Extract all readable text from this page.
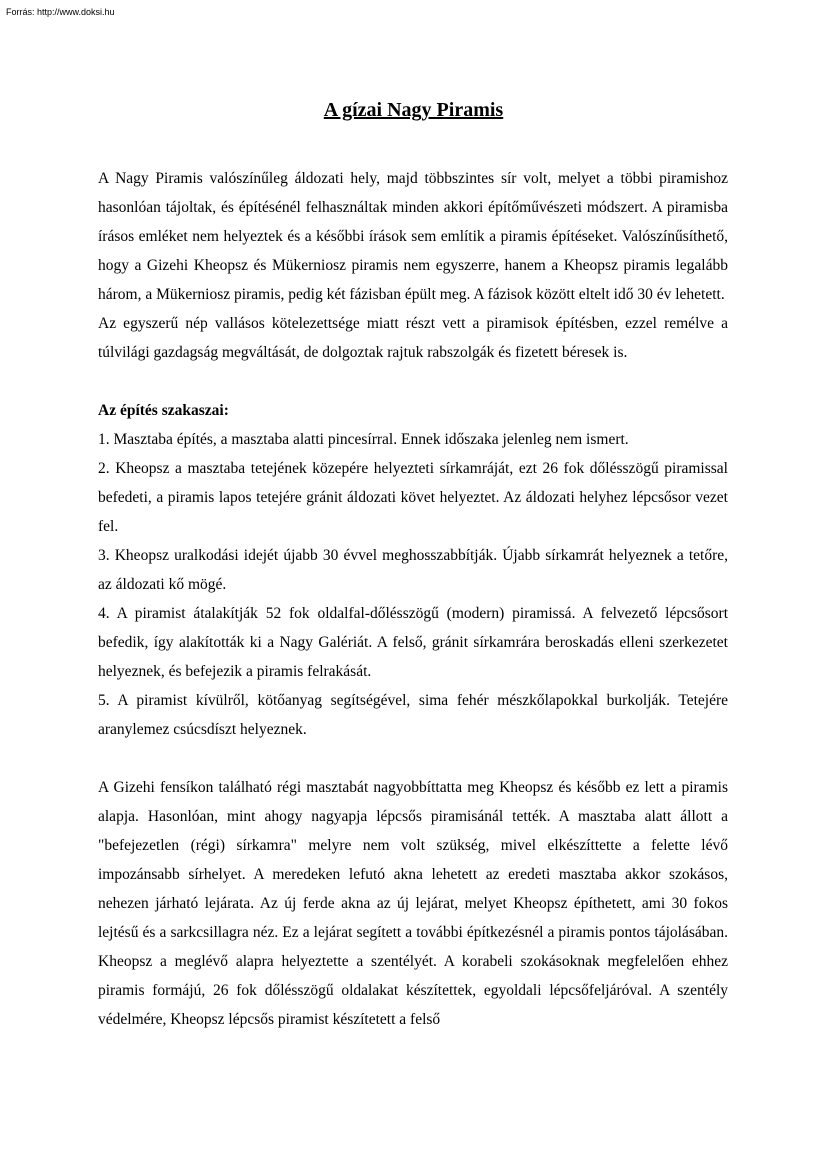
Forrás: http://www.doksi.hu
A gízai Nagy Piramis

A Nagy Piramis valószínűleg áldozati hely, majd többszintes sír volt, melyet a többi piramishoz hasonlóan tájoltak, és építésénél felhasználtak minden akkori építőművészeti módszert. A piramisba írásos emléket nem helyeztek és a későbbi írások sem említik a piramis építéseket. Valószínűsíthető, hogy a Gizehi Kheopsz és Mükerniosz piramis nem egyszerre, hanem a Kheopsz piramis legalább három, a Mükerniosz piramis, pedig két fázisban épült meg. A fázisok között eltelt idő 30 év lehetett.

Az egyszerű nép vallásos kötelezettsége miatt részt vett a piramisok építésben, ezzel remélve a túlvilági gazdagság megváltását, de dolgoztak rajtuk rabszolgák és fizetett béresek is.

Az építés szakaszai:

1. Masztaba építés, a masztaba alatti pincesírral. Ennek időszaka jelenleg nem ismert.

2. Kheopsz a masztaba tetejének közepére helyezteti sírkamráját, ezt 26 fok dőlésszögű piramissal befedeti, a piramis lapos tetejére gránit áldozati követ helyeztet. Az áldozati helyhez lépcsősor vezet fel.

3. Kheopsz uralkodási idejét újabb 30 évvel meghosszabbítják. Újabb sírkamrát helyeznek a tetőre, az áldozati kő mögé.

4. A piramist átalakítják 52 fok oldalfal-dőlésszögű (modern) piramissá. A felvezető lépcsősort befedik, így alakították ki a Nagy Galériát. A felső, gránit sírkamrára beroskadás elleni szerkezetet helyeznek, és befejezik a piramis felrakását.

5. A piramist kívülről, kötőanyag segítségével, sima fehér mészkőlapokkal burkolják. Tetejére aranylemez csúcsdíszt helyeznek.

A Gizehi fensíkon található régi masztabát nagyobbíttatta meg Kheopsz és később ez lett a piramis alapja. Hasonlóan, mint ahogy nagyapja lépcsős piramisánál tették. A masztaba alatt állott a "befejezetlen (régi) sírkamra" melyre nem volt szükség, mivel elkészíttette a felette lévő impozánsabb sírhelyet. A meredeken lefutó akna lehetett az eredeti masztaba akkor szokásos, nehezen járható lejárata. Az új ferde akna az új lejárat, melyet Kheopsz építhetett, ami 30 fokos lejtésű és a sarkcsillagra néz. Ez a lejárat segített a további építkezésnél a piramis pontos tájolásában. Kheopsz a meglévő alapra helyeztette a szentélyét. A korabeli szokásoknak megfelelően ehhez piramis formájú, 26 fok dőlésszögű oldalakat készítettek, egyoldali lépcsőfeljáróval. A szentély védelmére, Kheopsz lépcsős piramist készítetett a felső
